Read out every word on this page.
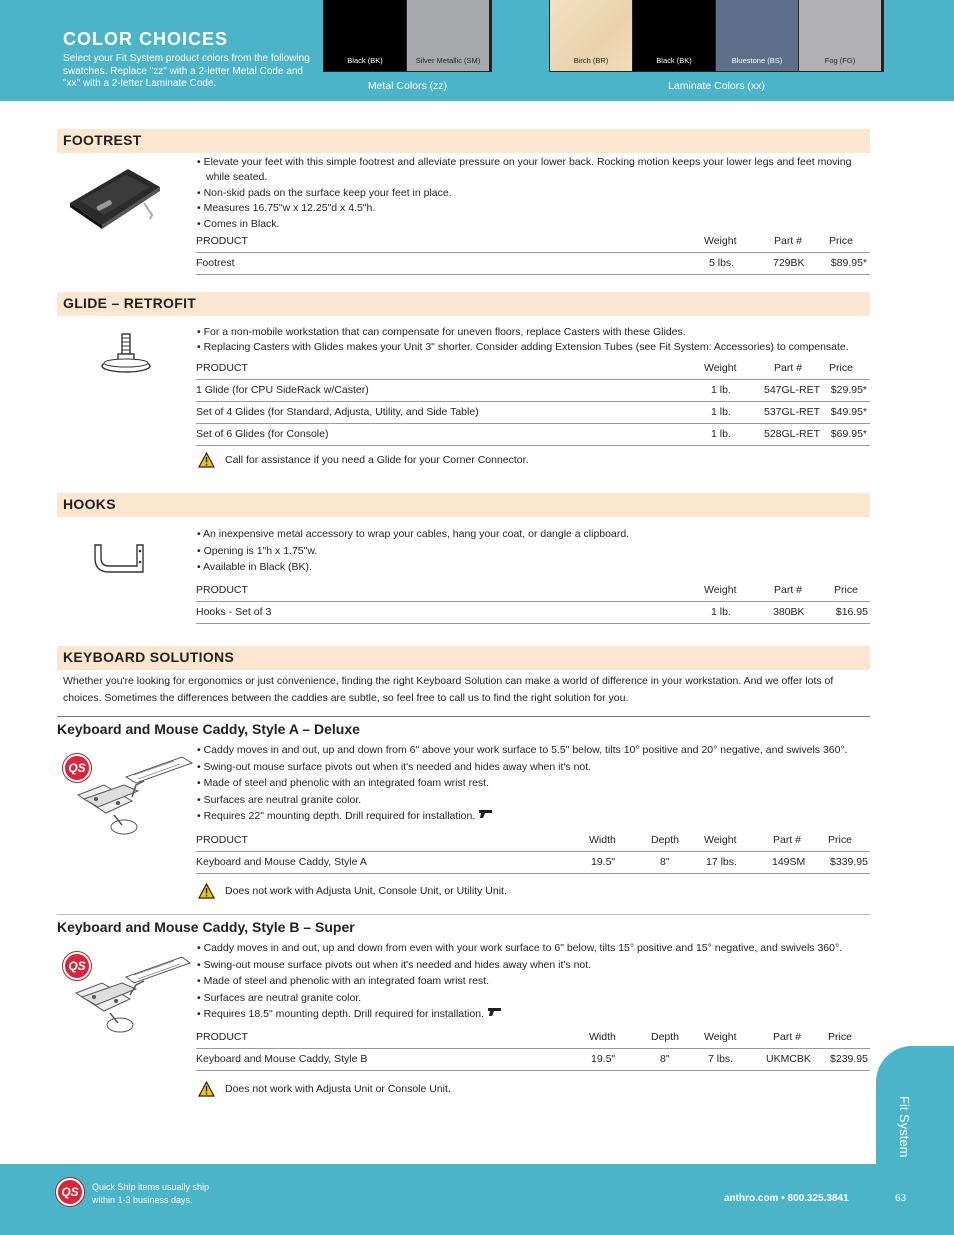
COLOR CHOICES
Select your Fit System product colors from the following swatches. Replace "zz" with a 2-letter Metal Code and "xx" with a 2-letter Laminate Code.
Black (BK)	Silver Metallic (SM)
Metal Colors (zz)
Birch (BR)	Black (BK)	Bluestone (BS)	Fog (FG)
Laminate Colors (xx)
FOOTREST
• Elevate your feet with this simple footrest and alleviate pressure on your lower back. Rocking motion keeps your lower legs and feet moving while seated.
• Non-skid pads on the surface keep your feet in place.
• Measures 16.75"w x 12.25"d x 4.5"h.
• Comes in Black.
PRODUCT	Weight	Part #	Price
Footrest	5 lbs.	729BK	$89.95*
GLIDE – RETROFIT
• For a non-mobile workstation that can compensate for uneven floors, replace Casters with these Glides.
• Replacing Casters with Glides makes your Unit 3" shorter. Consider adding Extension Tubes (see Fit System: Accessories) to compensate.
PRODUCT	Weight	Part #	Price
1 Glide (for CPU SideRack w/Caster)	1 lb.	547GL-RET $29.95*
Set of 4 Glides (for Standard, Adjusta, Utility, and Side Table)	1 lb.	537GL-RET $49.95*
Set of 6 Glides (for Console)	1 lb.	528GL-RET $69.95*
Call for assistance if you need a Glide for your Corner Connector.
HOOKS
• An inexpensive metal accessory to wrap your cables, hang your coat, or dangle a clipboard.
• Opening is 1"h x 1.75"w.
• Available in Black (BK).
PRODUCT	Weight	Part #	Price
Hooks - Set of 3	1 lb.	380BK	$16.95
KEYBOARD SOLUTIONS
Whether you're looking for ergonomics or just convenience, finding the right Keyboard Solution can make a world of difference in your workstation. And we offer lots of choices. Sometimes the differences between the caddies are subtle, so feel free to call us to find the right solution for you.
Keyboard and Mouse Caddy, Style A – Deluxe
QS
• Caddy moves in and out, up and down from 6" above your work surface to 5.5" below, tilts 10° positive and 20° negative, and swivels 360°.
• Swing-out mouse surface pivots out when it's needed and hides away when it's not.
• Made of steel and phenolic with an integrated foam wrist rest.
• Surfaces are neutral granite color.
• Requires 22" mounting depth. Drill required for installation.
PRODUCT	Width	Depth Weight	Part #	Price
Keyboard and Mouse Caddy, Style A	19.5"	8"	17 lbs.	149SM $339.95
Does not work with Adjusta Unit, Console Unit, or Utility Unit.
Keyboard and Mouse Caddy, Style B – Super
QS
• Caddy moves in and out, up and down from even with your work surface to 6" below, tilts 15° positive and 15° negative, and swivels 360°.
• Swing-out mouse surface pivots out when it's needed and hides away when it's not.
• Made of steel and phenolic with an integrated foam wrist rest.
• Surfaces are neutral granite color.
• Requires 18.5" mounting depth. Drill required for installation.
PRODUCT	Width	Depth Weight	Part #	Price
Keyboard and Mouse Caddy, Style B	19.5"	8"	7 lbs.	UKMCBK $239.95
Does not work with Adjusta Unit or Console Unit.
Fit System
QS	Quick Ship items usually ship
within 1-3 business days.	anthro.com • 800.325.3841	63
